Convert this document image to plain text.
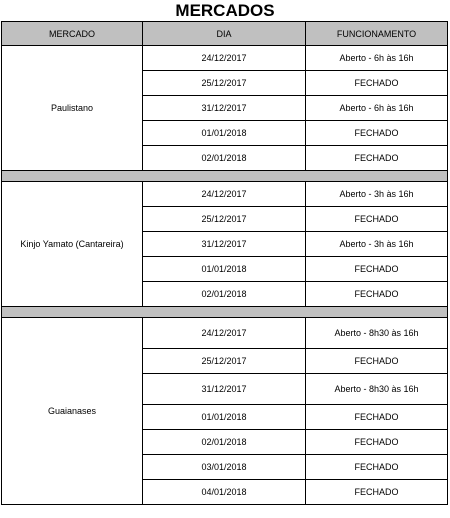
MERCADOS
MERCADO	DIA	FUNCIONAMENTO
Paulistano	24/12/2017	Aberto - 6h às 16h
	25/12/2017	FECHADO
	31/12/2017	Aberto - 6h às 16h
	01/01/2018	FECHADO
	02/01/2018	FECHADO

Kinjo Yamato (Cantareira)	24/12/2017	Aberto - 3h às 16h
	25/12/2017	FECHADO
	31/12/2017	Aberto - 3h às 16h
	01/01/2018	FECHADO
	02/01/2018	FECHADO

Guaianases	24/12/2017	Aberto - 8h30 às 16h
	25/12/2017	FECHADO
	31/12/2017	Aberto - 8h30 às 16h
	01/01/2018	FECHADO
	02/01/2018	FECHADO
	03/01/2018	FECHADO
	04/01/2018	FECHADO
